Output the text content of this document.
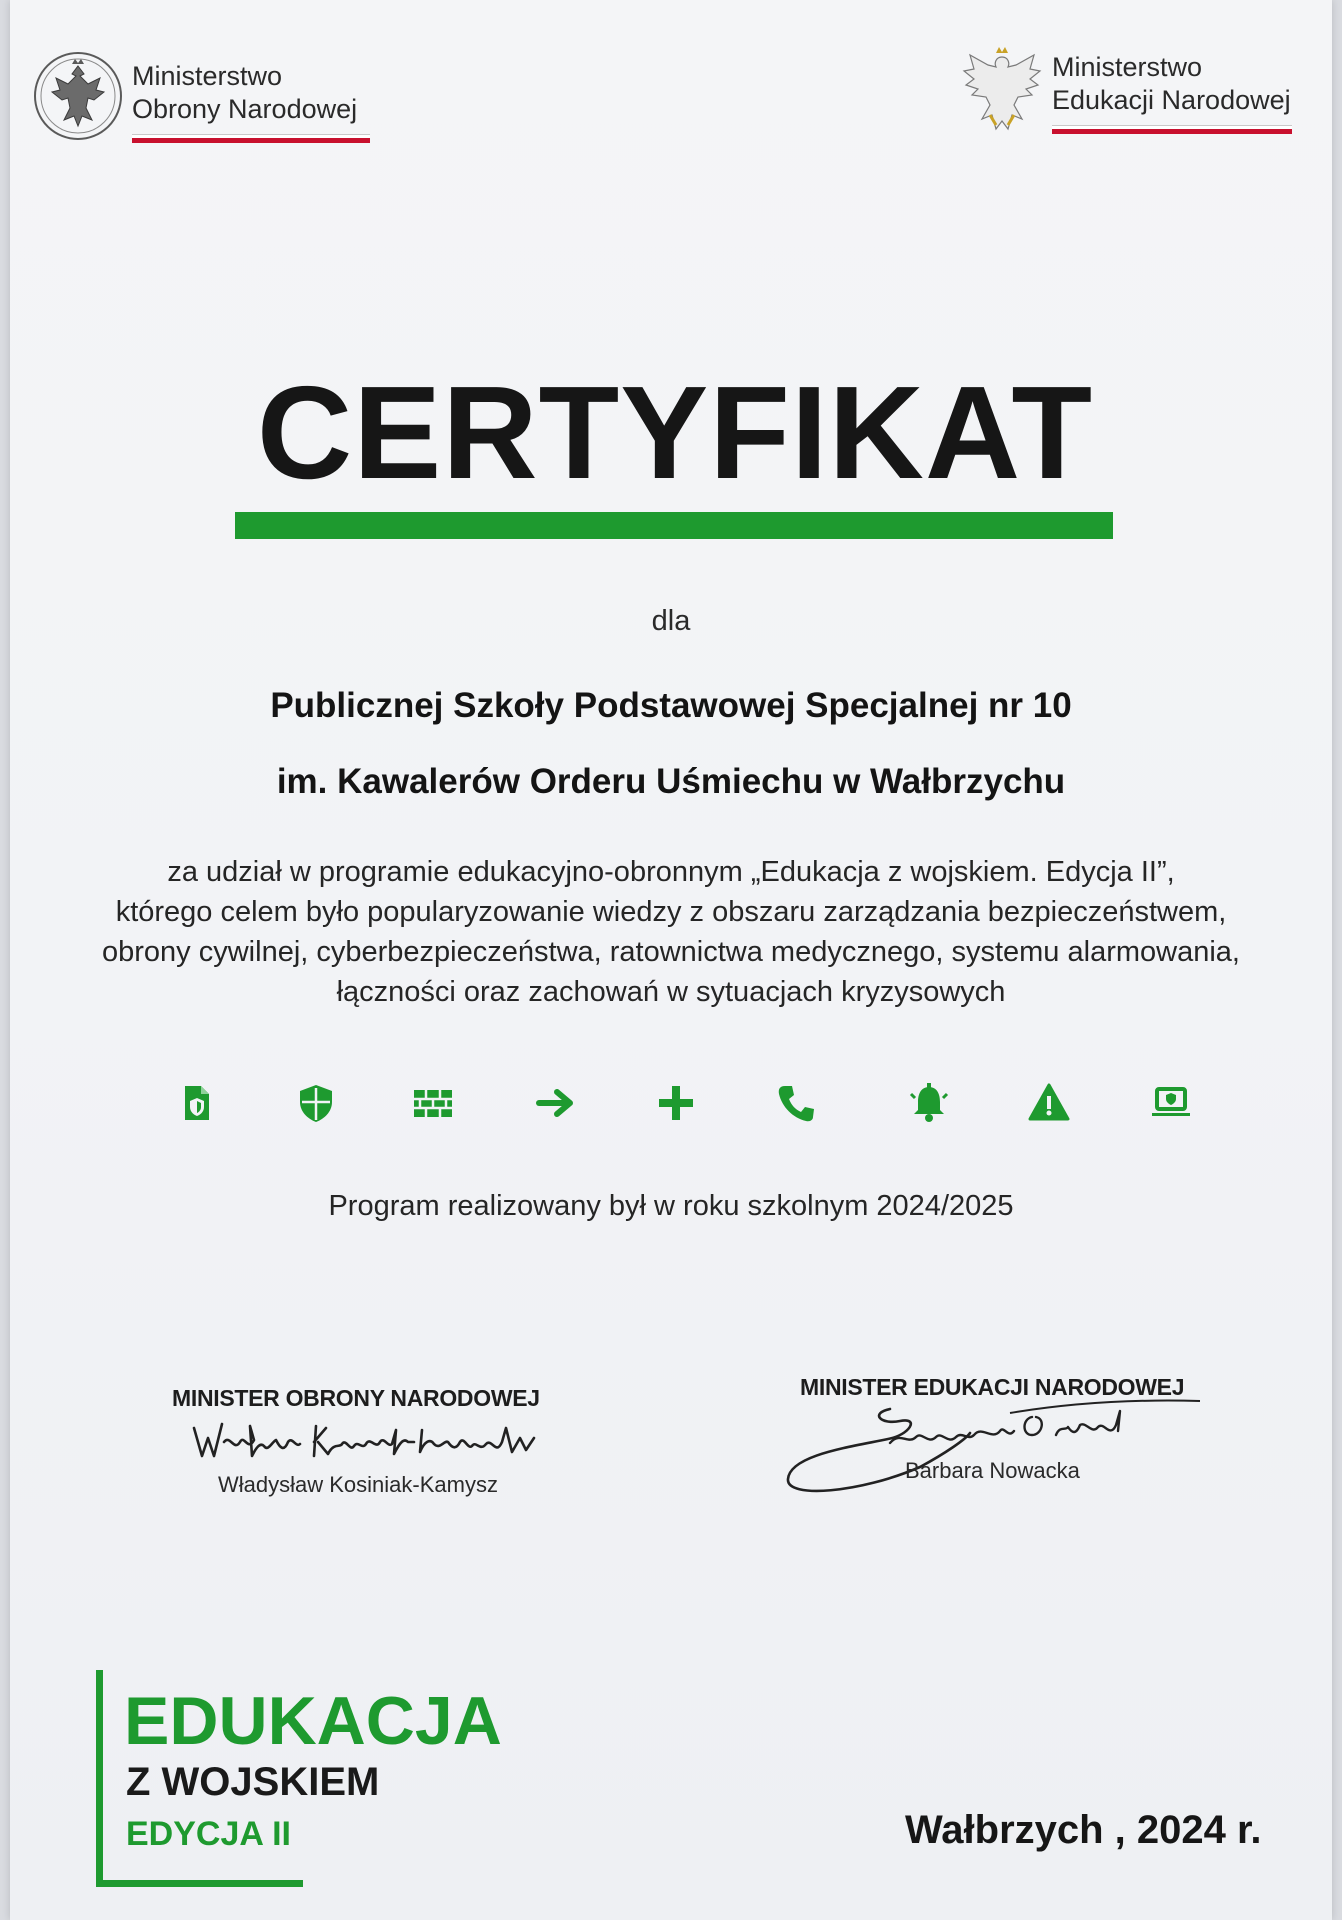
Ministerstwo
Obrony Narodowej
Ministerstwo
Edukacji Narodowej
CERTYFIKAT
dla
Publicznej Szkoły Podstawowej Specjalnej nr 10
im. Kawalerów Orderu Uśmiechu w Wałbrzychu
za udział w programie edukacyjno-obronnym „Edukacja z wojskiem. Edycja II”,
którego celem było popularyzowanie wiedzy z obszaru zarządzania bezpieczeństwem,
obrony cywilnej, cyberbezpieczeństwa, ratownictwa medycznego, systemu alarmowania,
łączności oraz zachowań w sytuacjach kryzysowych
Program realizowany był w roku szkolnym 2024/2025
MINISTER OBRONY NARODOWEJ
Władysław Kosiniak-Kamysz
MINISTER EDUKACJI NARODOWEJ
Barbara Nowacka
EDUKACJA
Z WOJSKIEM
EDYCJA II	Wałbrzych , 2024 r.
